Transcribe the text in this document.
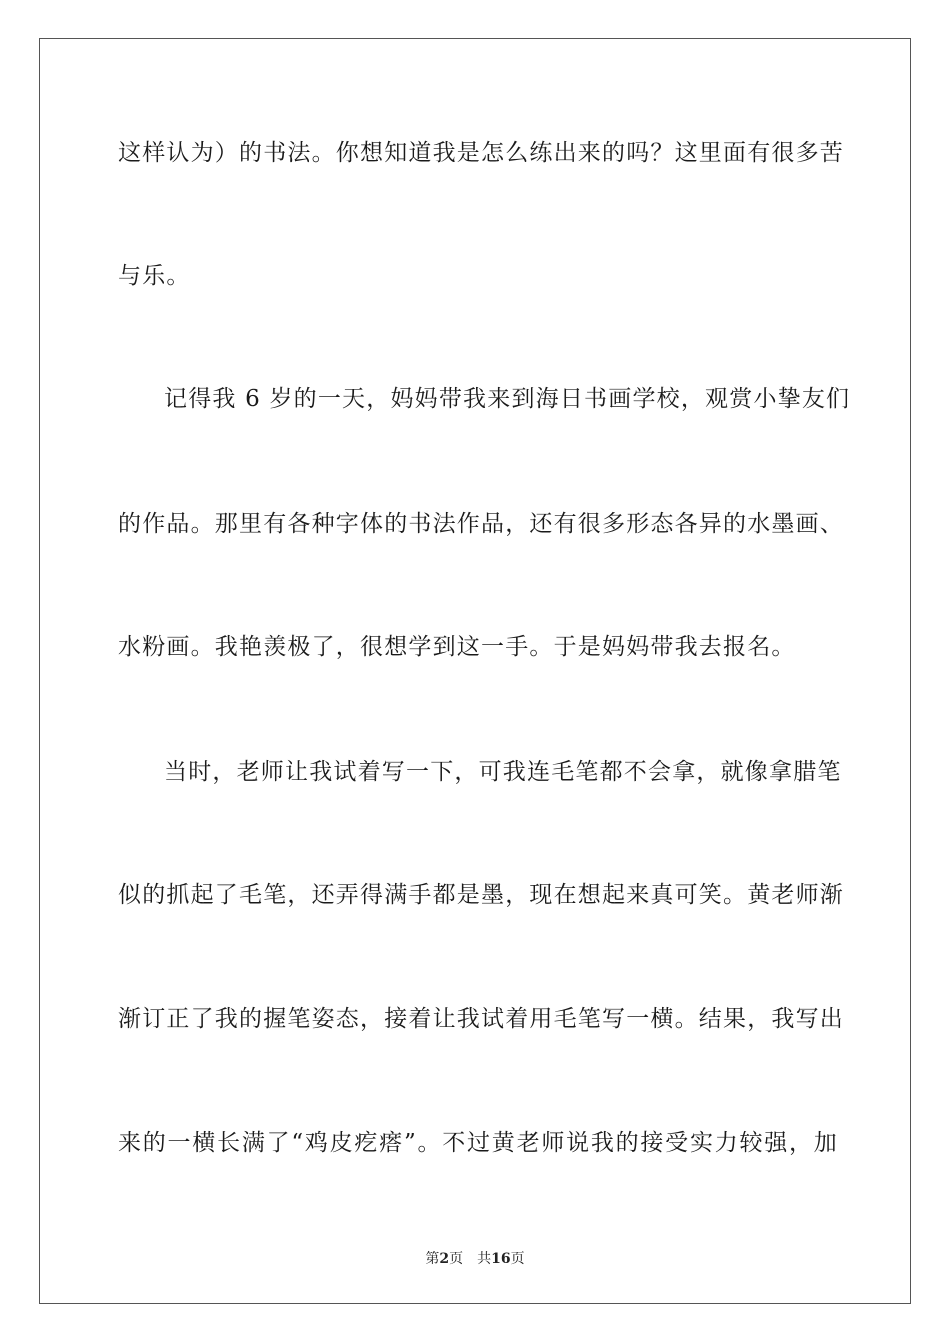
这样认为）的书法。你想知道我是怎么练出来的吗？这里面有很多苦
与乐。
记得我 6 岁的一天，妈妈带我来到海日书画学校，观赏小挚友们
的作品。那里有各种字体的书法作品，还有很多形态各异的水墨画、
水粉画。我艳羡极了，很想学到这一手。于是妈妈带我去报名。
当时，老师让我试着写一下，可我连毛笔都不会拿，就像拿腊笔
似的抓起了毛笔，还弄得满手都是墨，现在想起来真可笑。黄老师渐
渐订正了我的握笔姿态，接着让我试着用毛笔写一横。结果，我写出
来的一横长满了“鸡皮疙瘩”。不过黄老师说我的接受实力较强，加
第2页 共16页
